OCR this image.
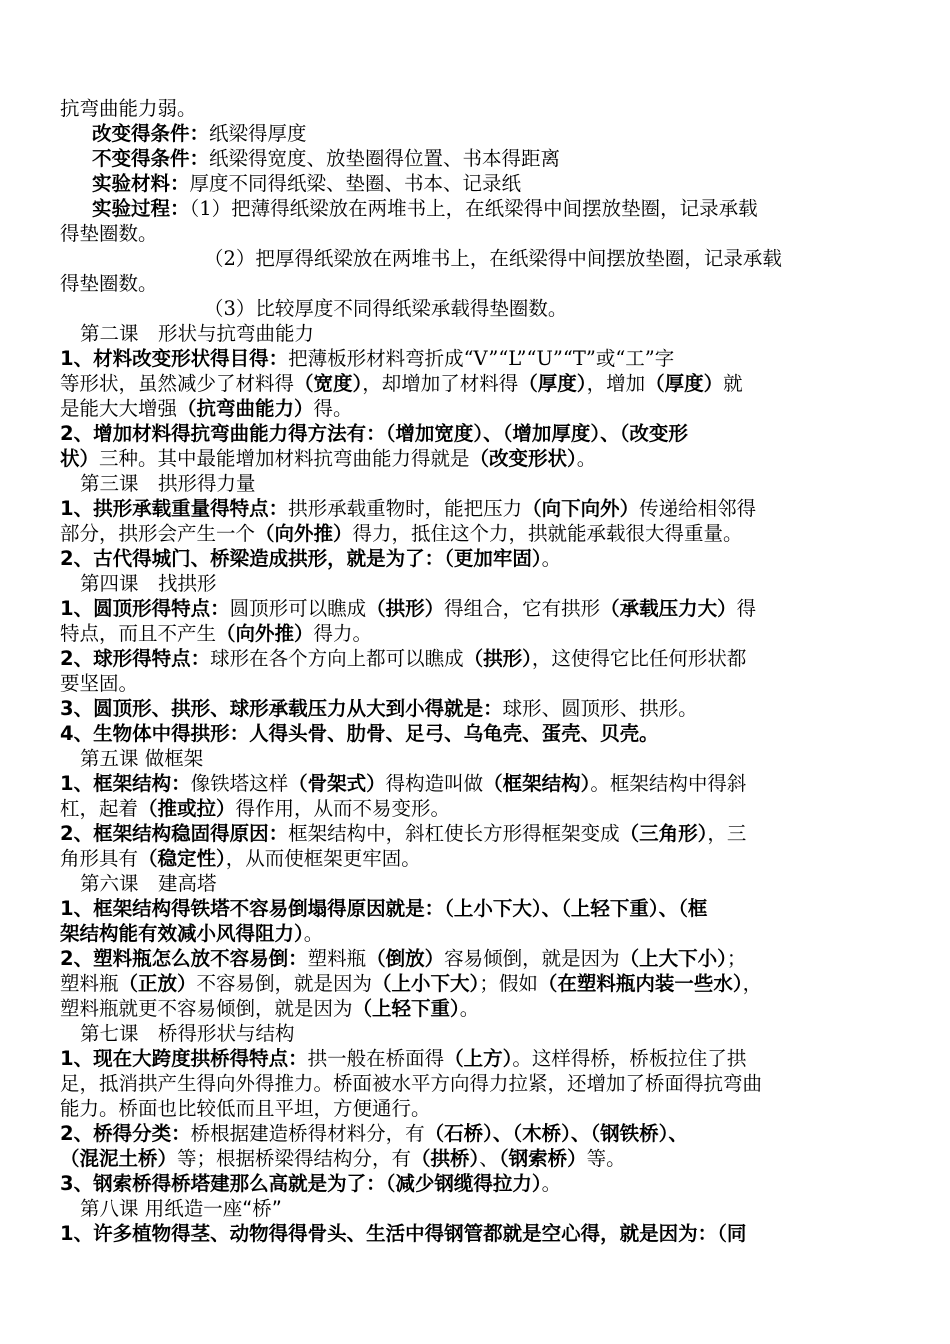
抗弯曲能力弱。
改变得条件：纸梁得厚度
不变得条件：纸梁得宽度、放垫圈得位置、书本得距离
实验材料：厚度不同得纸梁、垫圈、书本、记录纸
实验过程：（1）把薄得纸梁放在两堆书上，在纸梁得中间摆放垫圈，记录承载
得垫圈数。
（2）把厚得纸梁放在两堆书上，在纸梁得中间摆放垫圈，记录承载
得垫圈数。
（3）比较厚度不同得纸梁承载得垫圈数。
第二课　形状与抗弯曲能力
1、材料改变形状得目得：把薄板形材料弯折成“V”“L”“U”“T”或“工”字
等形状，虽然减少了材料得（宽度），却增加了材料得（厚度），增加（厚度）就
是能大大增强（抗弯曲能力）得。
2、增加材料得抗弯曲能力得方法有：（增加宽度）、（增加厚度）、（改变形
状）三种。其中最能增加材料抗弯曲能力得就是（改变形状）。
第三课　拱形得力量
1、拱形承载重量得特点：拱形承载重物时，能把压力（向下向外）传递给相邻得
部分，拱形会产生一个（向外推）得力，抵住这个力，拱就能承载很大得重量。
2、古代得城门、桥梁造成拱形，就是为了：（更加牢固）。
第四课　找拱形
1、圆顶形得特点：圆顶形可以瞧成（拱形）得组合，它有拱形（承载压力大）得
特点，而且不产生（向外推）得力。
2、球形得特点：球形在各个方向上都可以瞧成（拱形），这使得它比任何形状都
要坚固。
3、圆顶形、拱形、球形承载压力从大到小得就是：球形、圆顶形、拱形。
4、生物体中得拱形：人得头骨、肋骨、足弓、乌龟壳、蛋壳、贝壳。
第五课 做框架
1、框架结构：像铁塔这样（骨架式）得构造叫做（框架结构）。框架结构中得斜
杠，起着（推或拉）得作用，从而不易变形。
2、框架结构稳固得原因：框架结构中，斜杠使长方形得框架变成（三角形），三
角形具有（稳定性），从而使框架更牢固。
第六课　建高塔
1、框架结构得铁塔不容易倒塌得原因就是：（上小下大）、（上轻下重）、（框
架结构能有效减小风得阻力）。
2、塑料瓶怎么放不容易倒：塑料瓶（倒放）容易倾倒，就是因为（上大下小）；
塑料瓶（正放）不容易倒，就是因为（上小下大）；假如（在塑料瓶内装一些水），
塑料瓶就更不容易倾倒，就是因为（上轻下重）。
第七课　桥得形状与结构
1、现在大跨度拱桥得特点：拱一般在桥面得（上方）。这样得桥，桥板拉住了拱
足，抵消拱产生得向外得推力。桥面被水平方向得力拉紧，还增加了桥面得抗弯曲
能力。桥面也比较低而且平坦，方便通行。
2、桥得分类：桥根据建造桥得材料分，有（石桥）、（木桥）、（钢铁桥）、
（混泥土桥）等；根据桥梁得结构分，有（拱桥）、（钢索桥）等。
3、钢索桥得桥塔建那么高就是为了：（减少钢缆得拉力）。
第八课 用纸造一座“桥”
1、许多植物得茎、动物得得骨头、生活中得钢管都就是空心得，就是因为：（同
